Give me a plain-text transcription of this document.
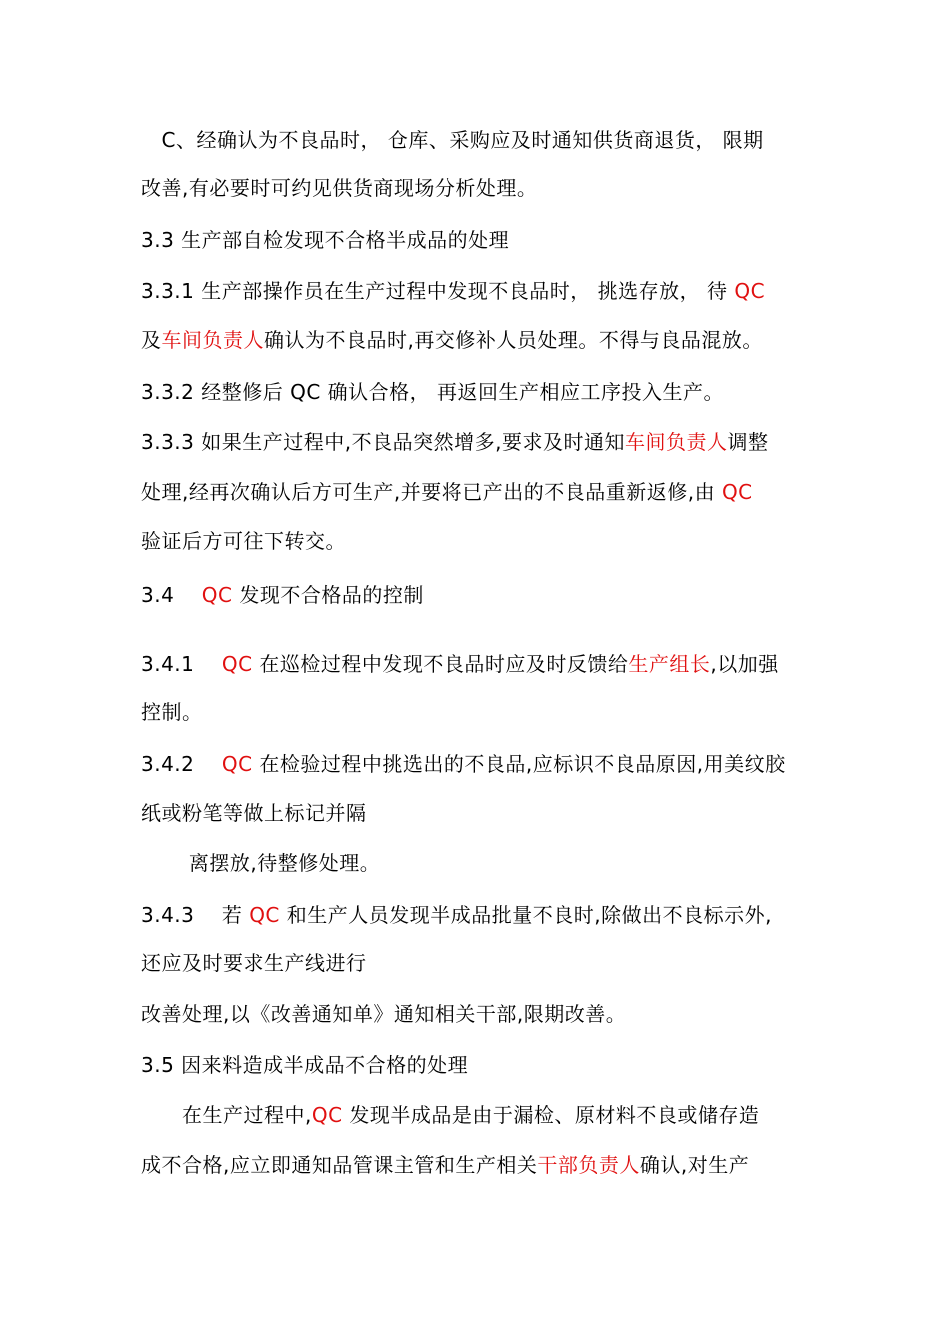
　C、经确认为不良品时， 仓库、采购应及时通知供货商退货， 限期
改善,有必要时可约见供货商现场分析处理。
3.3 生产部自检发现不合格半成品的处理
3.3.1 生产部操作员在生产过程中发现不良品时， 挑选存放， 待 QC
及车间负责人确认为不良品时,再交修补人员处理。不得与良品混放。
3.3.2 经整修后 QC 确认合格， 再返回生产相应工序投入生产。
3.3.3 如果生产过程中,不良品突然增多,要求及时通知车间负责人调整
处理,经再次确认后方可生产,并要将已产出的不良品重新返修,由 QC
验证后方可往下转交。
3.4    QC 发现不合格品的控制
3.4.1    QC 在巡检过程中发现不良品时应及时反馈给生产组长,以加强
控制。
3.4.2    QC 在检验过程中挑选出的不良品,应标识不良品原因,用美纹胶
纸或粉笔等做上标记并隔
　　 离摆放,待整修处理。
3.4.3    若 QC 和生产人员发现半成品批量不良时,除做出不良标示外,
还应及时要求生产线进行
改善处理,以《改善通知单》通知相关干部,限期改善。
3.5 因来料造成半成品不合格的处理
　　在生产过程中,QC 发现半成品是由于漏检、原材料不良或储存造
成不合格,应立即通知品管课主管和生产相关干部负责人确认,对生产
